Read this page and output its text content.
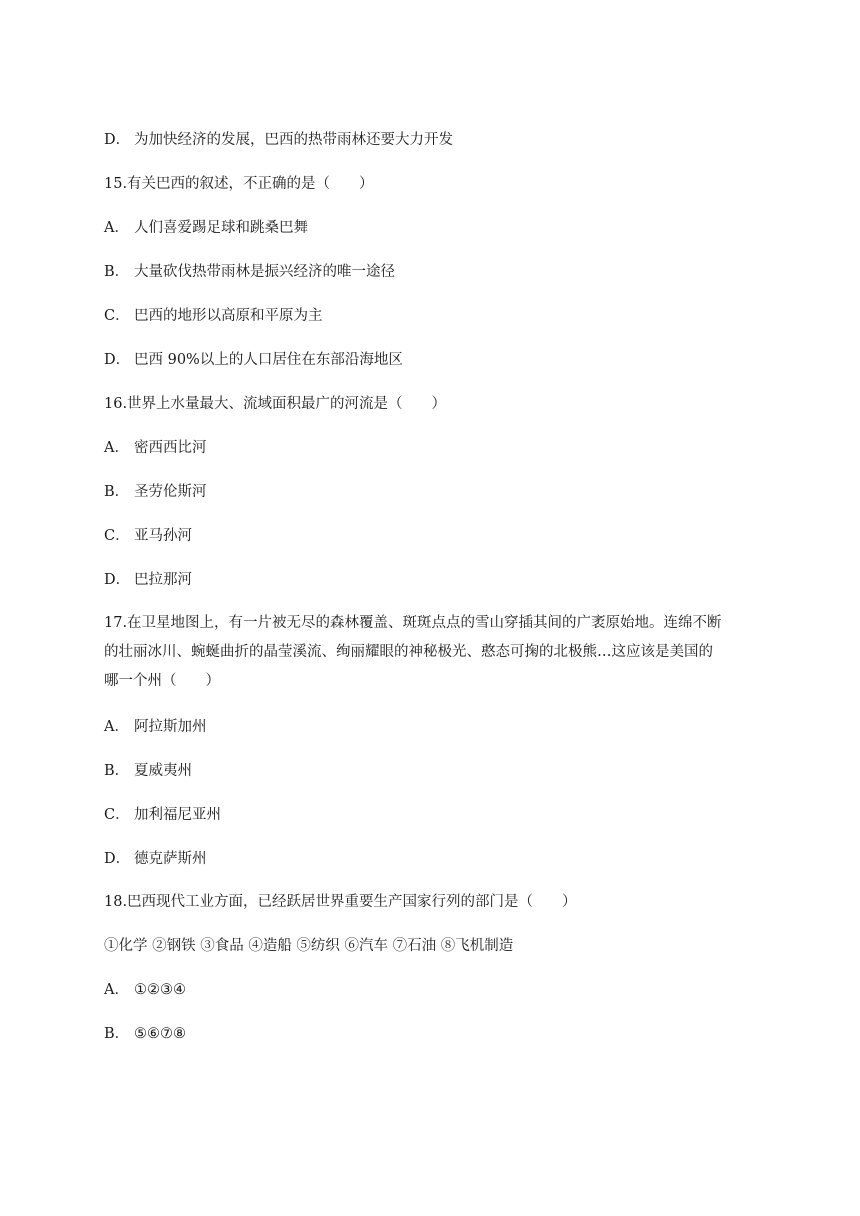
D． 为加快经济的发展，巴西的热带雨林还要大力开发
15.有关巴西的叙述，不正确的是（　　）
A． 人们喜爱踢足球和跳桑巴舞
B． 大量砍伐热带雨林是振兴经济的唯一途径
C． 巴西的地形以高原和平原为主
D． 巴西 90%以上的人口居住在东部沿海地区
16.世界上水量最大、流域面积最广的河流是（　　）
A． 密西西比河
B． 圣劳伦斯河
C． 亚马孙河
D． 巴拉那河
17.在卫星地图上，有一片被无尽的森林覆盖、斑斑点点的雪山穿插其间的广袤原始地。连绵不断
的壮丽冰川、蜿蜒曲折的晶莹溪流、绚丽耀眼的神秘极光、憨态可掬的北极熊…这应该是美国的
哪一个州（　　）
A． 阿拉斯加州
B． 夏威夷州
C． 加利福尼亚州
D． 德克萨斯州
18.巴西现代工业方面，已经跃居世界重要生产国家行列的部门是（　　）
①化学 ②钢铁 ③食品 ④造船 ⑤纺织 ⑥汽车 ⑦石油 ⑧飞机制造
A． ①②③④
B． ⑤⑥⑦⑧
